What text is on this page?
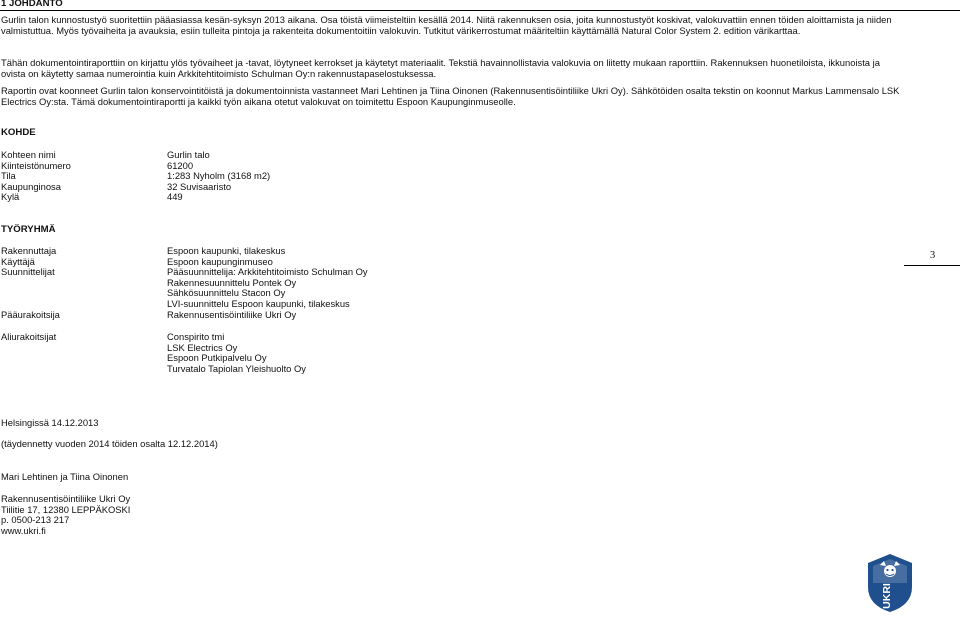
1 JOHDANTO

Gurlin talon kunnostustyö suoritettiin pääasiassa kesän-syksyn 2013 aikana. Osa töistä viimeisteltiin kesällä 2014. Niitä rakennuksen osia, joita kunnostustyöt koskivat, valokuvattiin ennen töiden aloittamista ja niiden valmistuttua. Myös työvaiheita ja avauksia, esiin tulleita pintoja ja rakenteita dokumentoitiin valokuvin. Tutkitut värikerrostumat määriteltiin käyttämällä Natural Color System 2. edition värikarttaa.

Tähän dokumentointiraporttiin on kirjattu ylös työvaiheet ja -tavat, löytyneet kerrokset ja käytetyt materiaalit. Tekstiä havainnollistavia valokuvia on liitetty mukaan raporttiin. Rakennuksen huonetiloista, ikkunoista ja ovista on käytetty samaa numerointia kuin Arkkitehtitoimisto Schulman Oy:n rakennustapaselostuksessa.

Raportin ovat koonneet Gurlin talon konservointitöistä ja dokumentoinnista vastanneet Mari Lehtinen ja Tiina Oinonen (Rakennusentisöintiliike Ukri Oy). Sähkötöiden osalta tekstin on koonnut Markus Lammensalo LSK Electrics Oy:sta. Tämä dokumentointiraportti ja kaikki työn aikana otetut valokuvat on toimitettu Espoon Kaupunginmuseolle.

KOHDE
Kohteen nimi	Gurlin talo
Kiinteistönumero	61200
Tila	1:283 Nyholm (3168 m2)
Kaupunginosa	32 Suvisaaristo
Kylä	449
TYÖRYHMÄ
Rakennuttaja	Espoon kaupunki, tilakeskus
Käyttäjä	Espoon kaupunginmuseo
Suunnittelijat	Pääsuunnittelija: Arkkitehtitoimisto Schulman Oy
Rakennesuunnittelu Pontek Oy
Sähkösuunnittelu Stacon Oy
LVI-suunnittelu Espoon kaupunki, tilakeskus
Pääurakoitsija	Rakennusentisöintiliike Ukri Oy
Aliurakoitsijat	Conspirito tmi
LSK Electrics Oy
Espoon Putkipalvelu Oy
Turvatalo Tapiolan Yleishuolto Oy
Helsingissä 14.12.2013
(täydennetty vuoden 2014 töiden osalta 12.12.2014)
Mari Lehtinen ja Tiina Oinonen
Rakennusentisöintiliike Ukri Oy
Tiilitie 17, 12380 LEPPÄKOSKI
p. 0500-213 217
www.ukri.fi
3
UKRI
